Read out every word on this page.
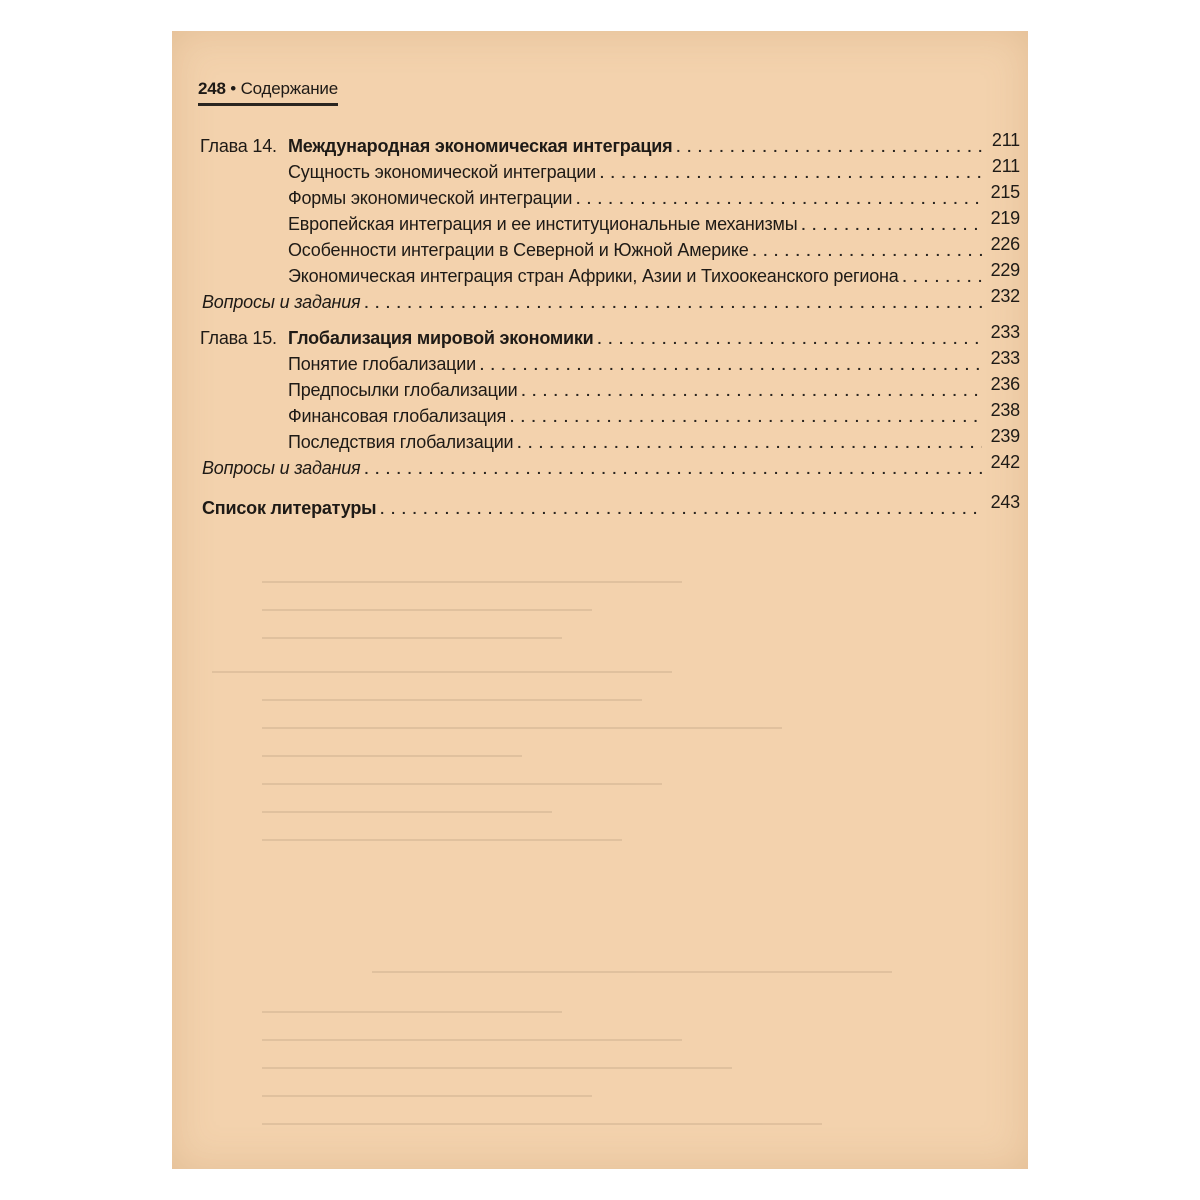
248 • Содержание
Глава 14. Международная экономическая интеграция . . .	211
Сущность экономической интеграции . . .	211
Формы экономической интеграции . . .	215
Европейская интеграция и ее институциональные механизмы . . .	219
Особенности интеграции в Северной и Южной Америке . . .	226
Экономическая интеграция стран Африки, Азии и Тихоокеанского региона . . .	229
Вопросы и задания . . .	232
Глава 15. Глобализация мировой экономики . . .	233
Понятие глобализации . . .	233
Предпосылки глобализации . . .	236
Финансовая глобализация . . .	238
Последствия глобализации . . .	239
Вопросы и задания . . .	242
Список литературы . . .	243
